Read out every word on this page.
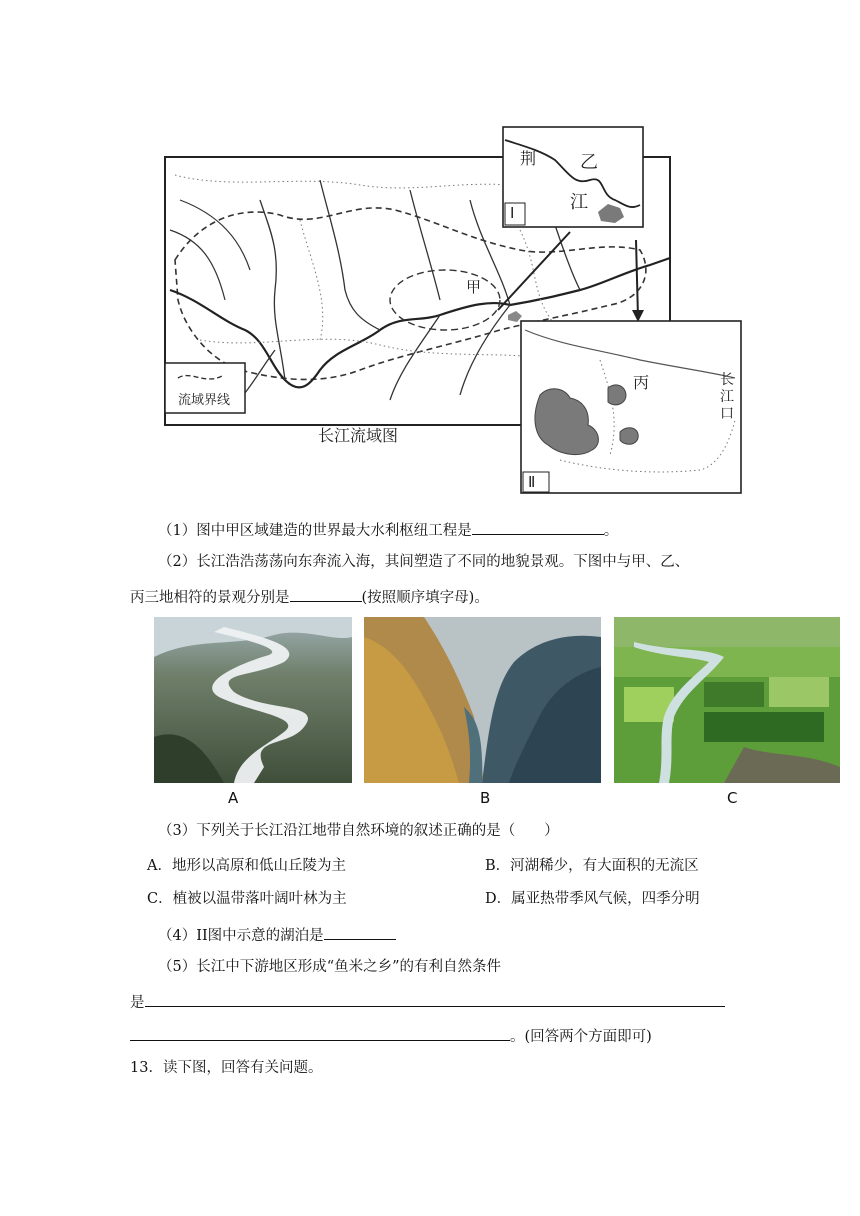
流域界线
长江流域图
甲
Ⅰ
荆 乙
江
Ⅱ
丙	长江口
（1）图中甲区域建造的世界最大水利枢纽工程是	。
（2）长江浩浩荡荡向东奔流入海，其间塑造了不同的地貌景观。下图中与甲、乙、
丙三地相符的景观分别是	(按照顺序填字母)。
A	B	C
（3）下列关于长江沿江地带自然环境的叙述正确的是（　　）
A．地形以高原和低山丘陵为主	B．河湖稀少，有大面积的无流区
C．植被以温带落叶阔叶林为主	D．属亚热带季风气候，四季分明
（4）II图中示意的湖泊是
（5）长江中下游地区形成“鱼米之乡”的有利自然条件
是
。(回答两个方面即可)
13．读下图，回答有关问题。
